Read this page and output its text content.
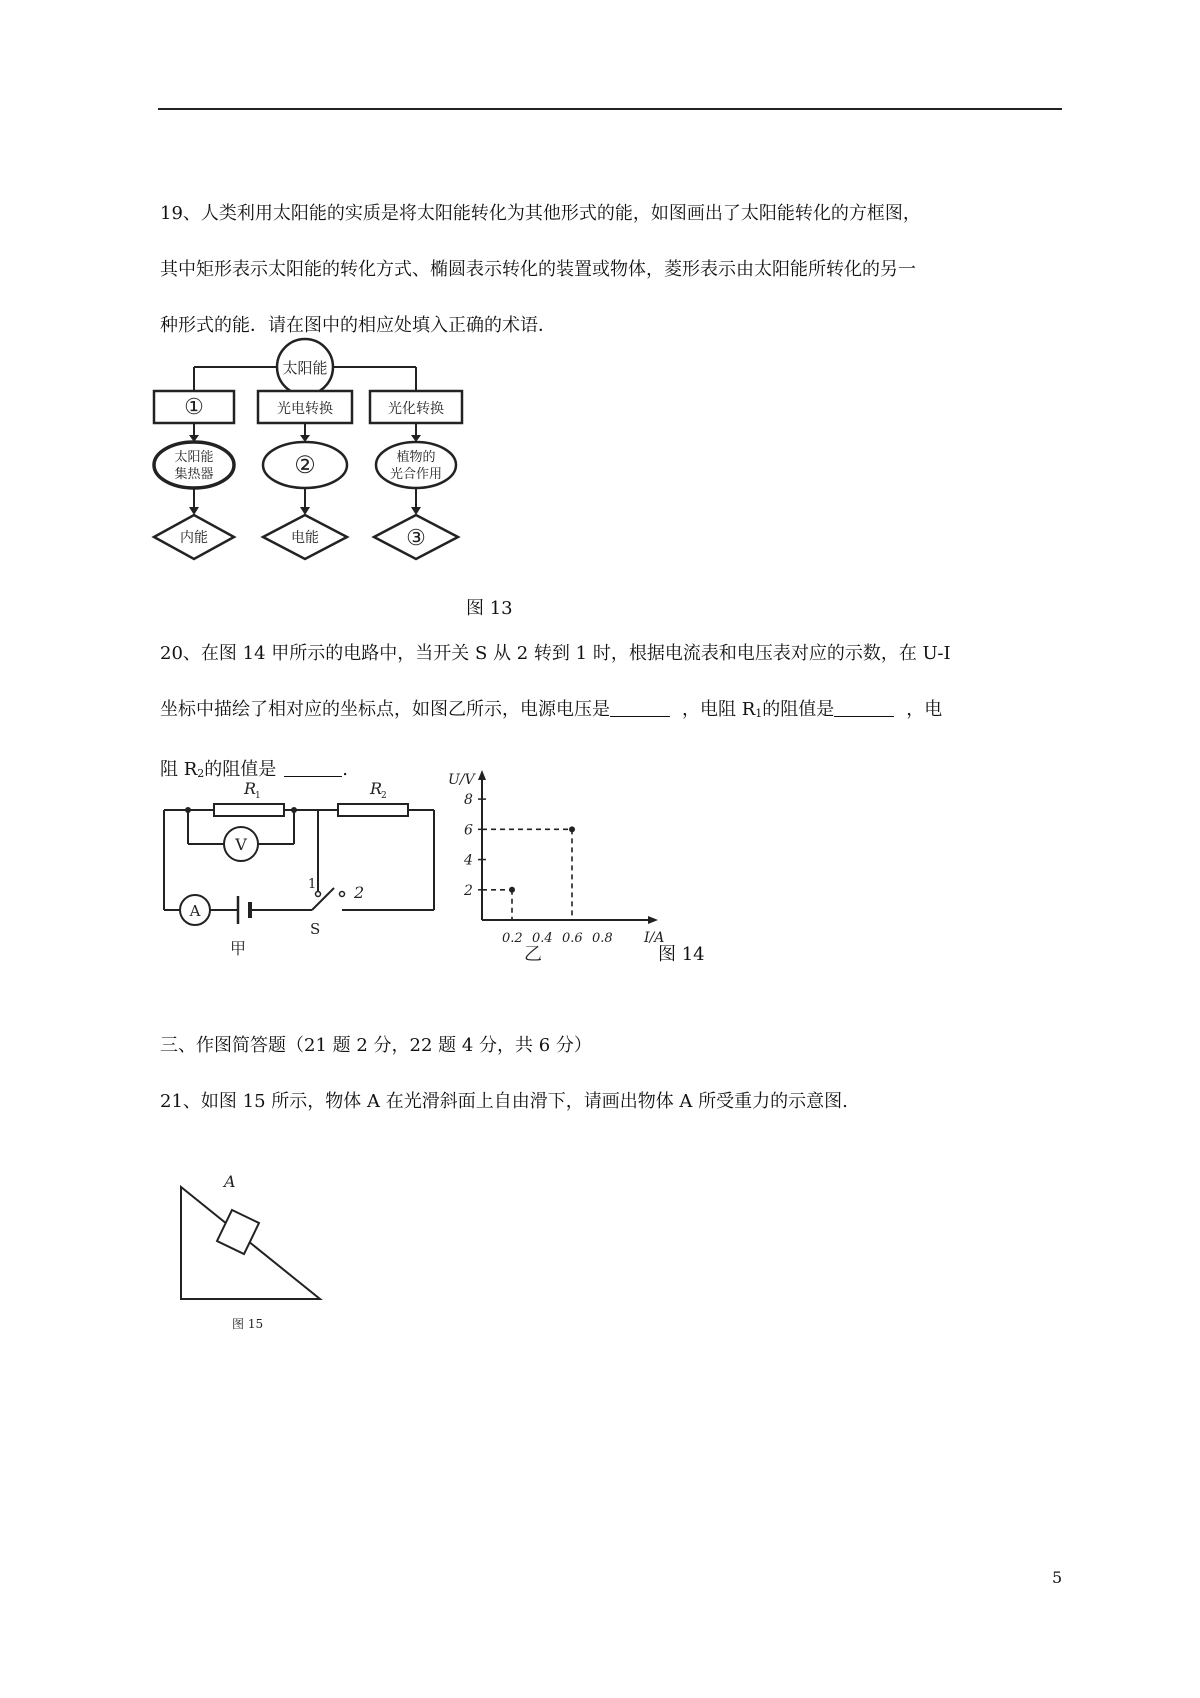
19、人类利用太阳能的实质是将太阳能转化为其他形式的能，如图画出了太阳能转化的方框图，
其中矩形表示太阳能的转化方式、椭圆表示转化的装置或物体，菱形表示由太阳能所转化的另一
种形式的能．请在图中的相应处填入正确的术语．
太阳能
①	光电转换	光化转换
太阳能
集热器	②	植物的
光合作用
内能	电能	③
图 13
20、在图 14 甲所示的电路中，当开关 S 从 2 转到 1 时，根据电流表和电压表对应的示数，在 U-I
坐标中描绘了相对应的坐标点，如图乙所示，电源电压是	，电阻 R1的阻值是	，电
阻 R2的阻值是	.
R
1	R
2
V
A
1 2
S
甲
U/V
I/A
2
4
6
8
0.2 0.4 0.6 0.8
乙	图 14
三、作图简答题（21 题 2 分，22 题 4 分，共 6 分）
21、如图 15 所示，物体 A 在光滑斜面上自由滑下，请画出物体 A 所受重力的示意图.
A
图 15
5
